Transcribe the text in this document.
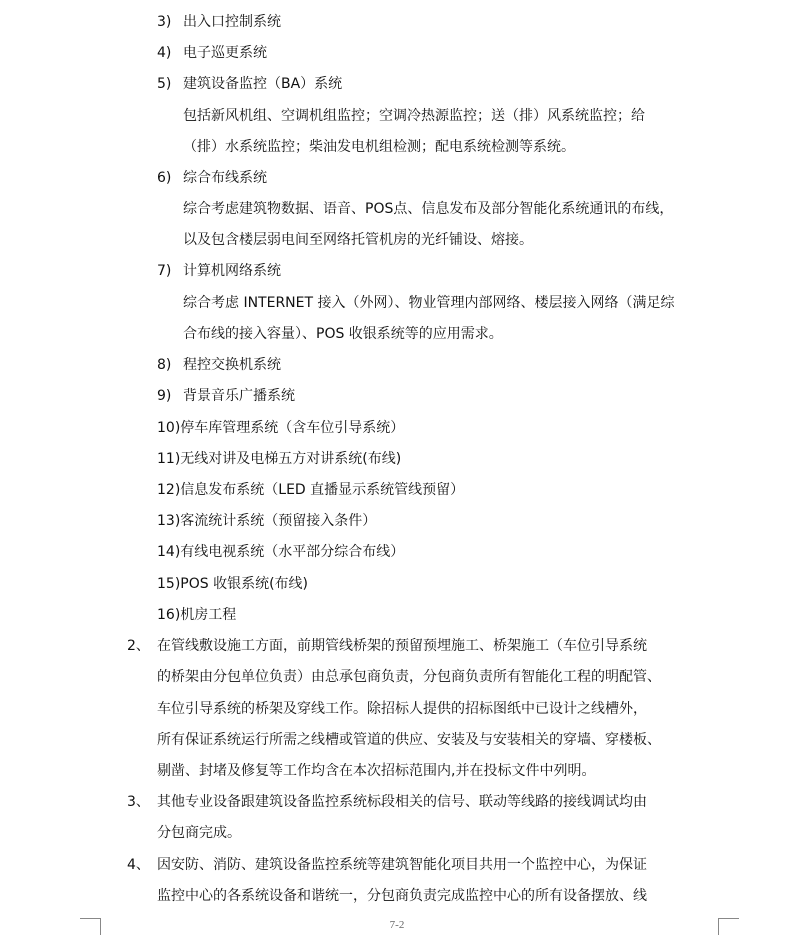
3) 出入口控制系统
4) 电子巡更系统
5) 建筑设备监控（BA）系统
包括新风机组、空调机组监控；空调冷热源监控；送（排）风系统监控；给
（排）水系统监控；柴油发电机组检测；配电系统检测等系统。
6) 综合布线系统
综合考虑建筑物数据、语音、POS点、信息发布及部分智能化系统通讯的布线，
以及包含楼层弱电间至网络托管机房的光纤铺设、熔接。
7) 计算机网络系统
综合考虑 INTERNET 接入（外网）、物业管理内部网络、楼层接入网络（满足综
合布线的接入容量）、POS 收银系统等的应用需求。
8) 程控交换机系统
9) 背景音乐广播系统
10)停车库管理系统（含车位引导系统）
11)无线对讲及电梯五方对讲系统(布线)
12)信息发布系统（LED 直播显示系统管线预留）
13)客流统计系统（预留接入条件）
14)有线电视系统（水平部分综合布线）
15)POS 收银系统(布线)
16)机房工程
2、 在管线敷设施工方面，前期管线桥架的预留预埋施工、桥架施工（车位引导系统
的桥架由分包单位负责）由总承包商负责，分包商负责所有智能化工程的明配管、
车位引导系统的桥架及穿线工作。除招标人提供的招标图纸中已设计之线槽外，
所有保证系统运行所需之线槽或管道的供应、安装及与安装相关的穿墙、穿楼板、
剔凿、封堵及修复等工作均含在本次招标范围内,并在投标文件中列明。
3、 其他专业设备跟建筑设备监控系统标段相关的信号、联动等线路的接线调试均由
分包商完成。
4、 因安防、消防、建筑设备监控系统等建筑智能化项目共用一个监控中心，为保证
监控中心的各系统设备和谐统一，分包商负责完成监控中心的所有设备摆放、线
7-2
